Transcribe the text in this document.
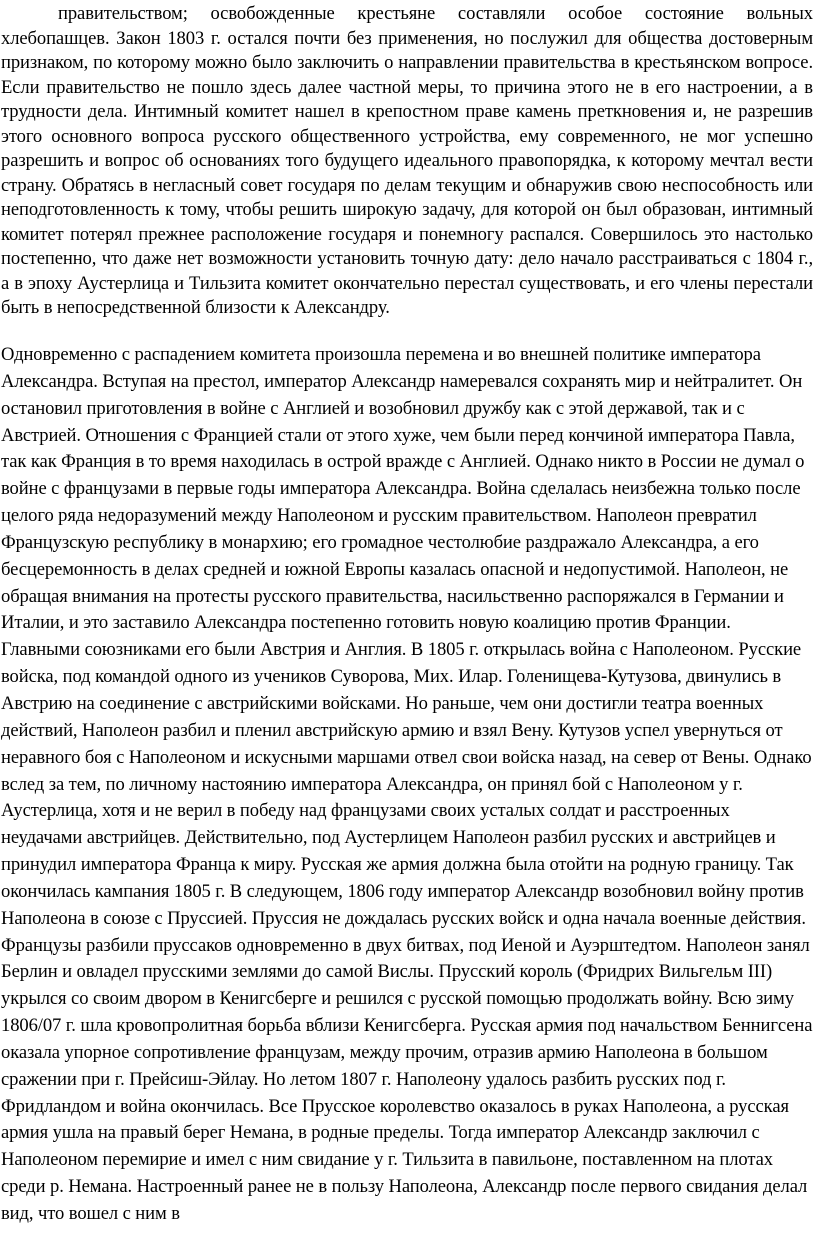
правительством; освобожденные крестьяне составляли особое состояние вольных хлебопашцев. Закон 1803 г. остался почти без применения, но послужил для общества достоверным признаком, по которому можно было заключить о направлении правительства в крестьянском вопросе. Если правительство не пошло здесь далее частной меры, то причина этого не в его настроении, а в трудности дела. Интимный комитет нашел в крепостном праве камень преткновения и, не разрешив этого основного вопроса русского общественного устройства, ему современного, не мог успешно разрешить и вопрос об основаниях того будущего идеального правопорядка, к которому мечтал вести страну. Обратясь в негласный совет государя по делам текущим и обнаружив свою неспособность или неподготовленность к тому, чтобы решить широкую задачу, для которой он был образован, интимный комитет потерял прежнее расположение государя и понемногу распался. Совершилось это настолько постепенно, что даже нет возможности установить точную дату: дело начало расстраиваться с 1804 г., а в эпоху Аустерлица и Тильзита комитет окончательно перестал существовать, и его члены перестали быть в непосредственной близости к Александру.

Одновременно с распадением комитета произошла перемена и во внешней политике императора Александра. Вступая на престол, император Александр намеревался сохранять мир и нейтралитет. Он остановил приготовления в войне с Англией и возобновил дружбу как с этой державой, так и с Австрией. Отношения с Францией стали от этого хуже, чем были перед кончиной императора Павла, так как Франция в то время находилась в острой вражде с Англией. Однако никто в России не думал о войне с французами в первые годы императора Александра. Война сделалась неизбежна только после целого ряда недоразумений между Наполеоном и русским правительством. Наполеон превратил Французскую республику в монархию; его громадное честолюбие раздражало Александра, а его бесцеремонность в делах средней и южной Европы казалась опасной и недопустимой. Наполеон, не обращая внимания на протесты русского правительства, насильственно распоряжался в Германии и Италии, и это заставило Александра постепенно готовить новую коалицию против Франции. Главными союзниками его были Австрия и Англия. В 1805 г. открылась война с Наполеоном. Русские войска, под командой одного из учеников Суворова, Мих. Илар. Голенищева-Кутузова, двинулись в Австрию на соединение с австрийскими войсками. Но раньше, чем они достигли театра военных действий, Наполеон разбил и пленил австрийскую армию и взял Вену. Кутузов успел увернуться от неравного боя с Наполеоном и искусными маршами отвел свои войска назад, на север от Вены. Однако вслед за тем, по личному настоянию императора Александра, он принял бой с Наполеоном у г. Аустерлица, хотя и не верил в победу над французами своих усталых солдат и расстроенных неудачами австрийцев. Действительно, под Аустерлицем Наполеон разбил русских и австрийцев и принудил императора Франца к миру. Русская же армия должна была отойти на родную границу. Так окончилась кампания 1805 г. В следующем, 1806 году император Александр возобновил войну против Наполеона в союзе с Пруссией. Пруссия не дождалась русских войск и одна начала военные действия. Французы разбили пруссаков одновременно в двух битвах, под Иеной и Ауэрштедтом. Наполеон занял Берлин и овладел прусскими землями до самой Вислы. Прусский король (Фридрих Вильгельм III) укрылся со своим двором в Кенигсберге и решился с русской помощью продолжать войну. Всю зиму 1806/07 г. шла кровопролитная борьба вблизи Кенигсберга. Русская армия под начальством Беннигсена оказала упорное сопротивление французам, между прочим, отразив армию Наполеона в большом сражении при г. Прейсиш-Эйлау. Но летом 1807 г. Наполеону удалось разбить русских под г. Фридландом и война окончилась. Все Прусское королевство оказалось в руках Наполеона, а русская армия ушла на правый берег Немана, в родные пределы. Тогда император Александр заключил с Наполеоном перемирие и имел с ним свидание у г. Тильзита в павильоне, поставленном на плотах среди р. Немана. Настроенный ранее не в пользу Наполеона, Александр после первого свидания делал вид, что вошел с ним в
